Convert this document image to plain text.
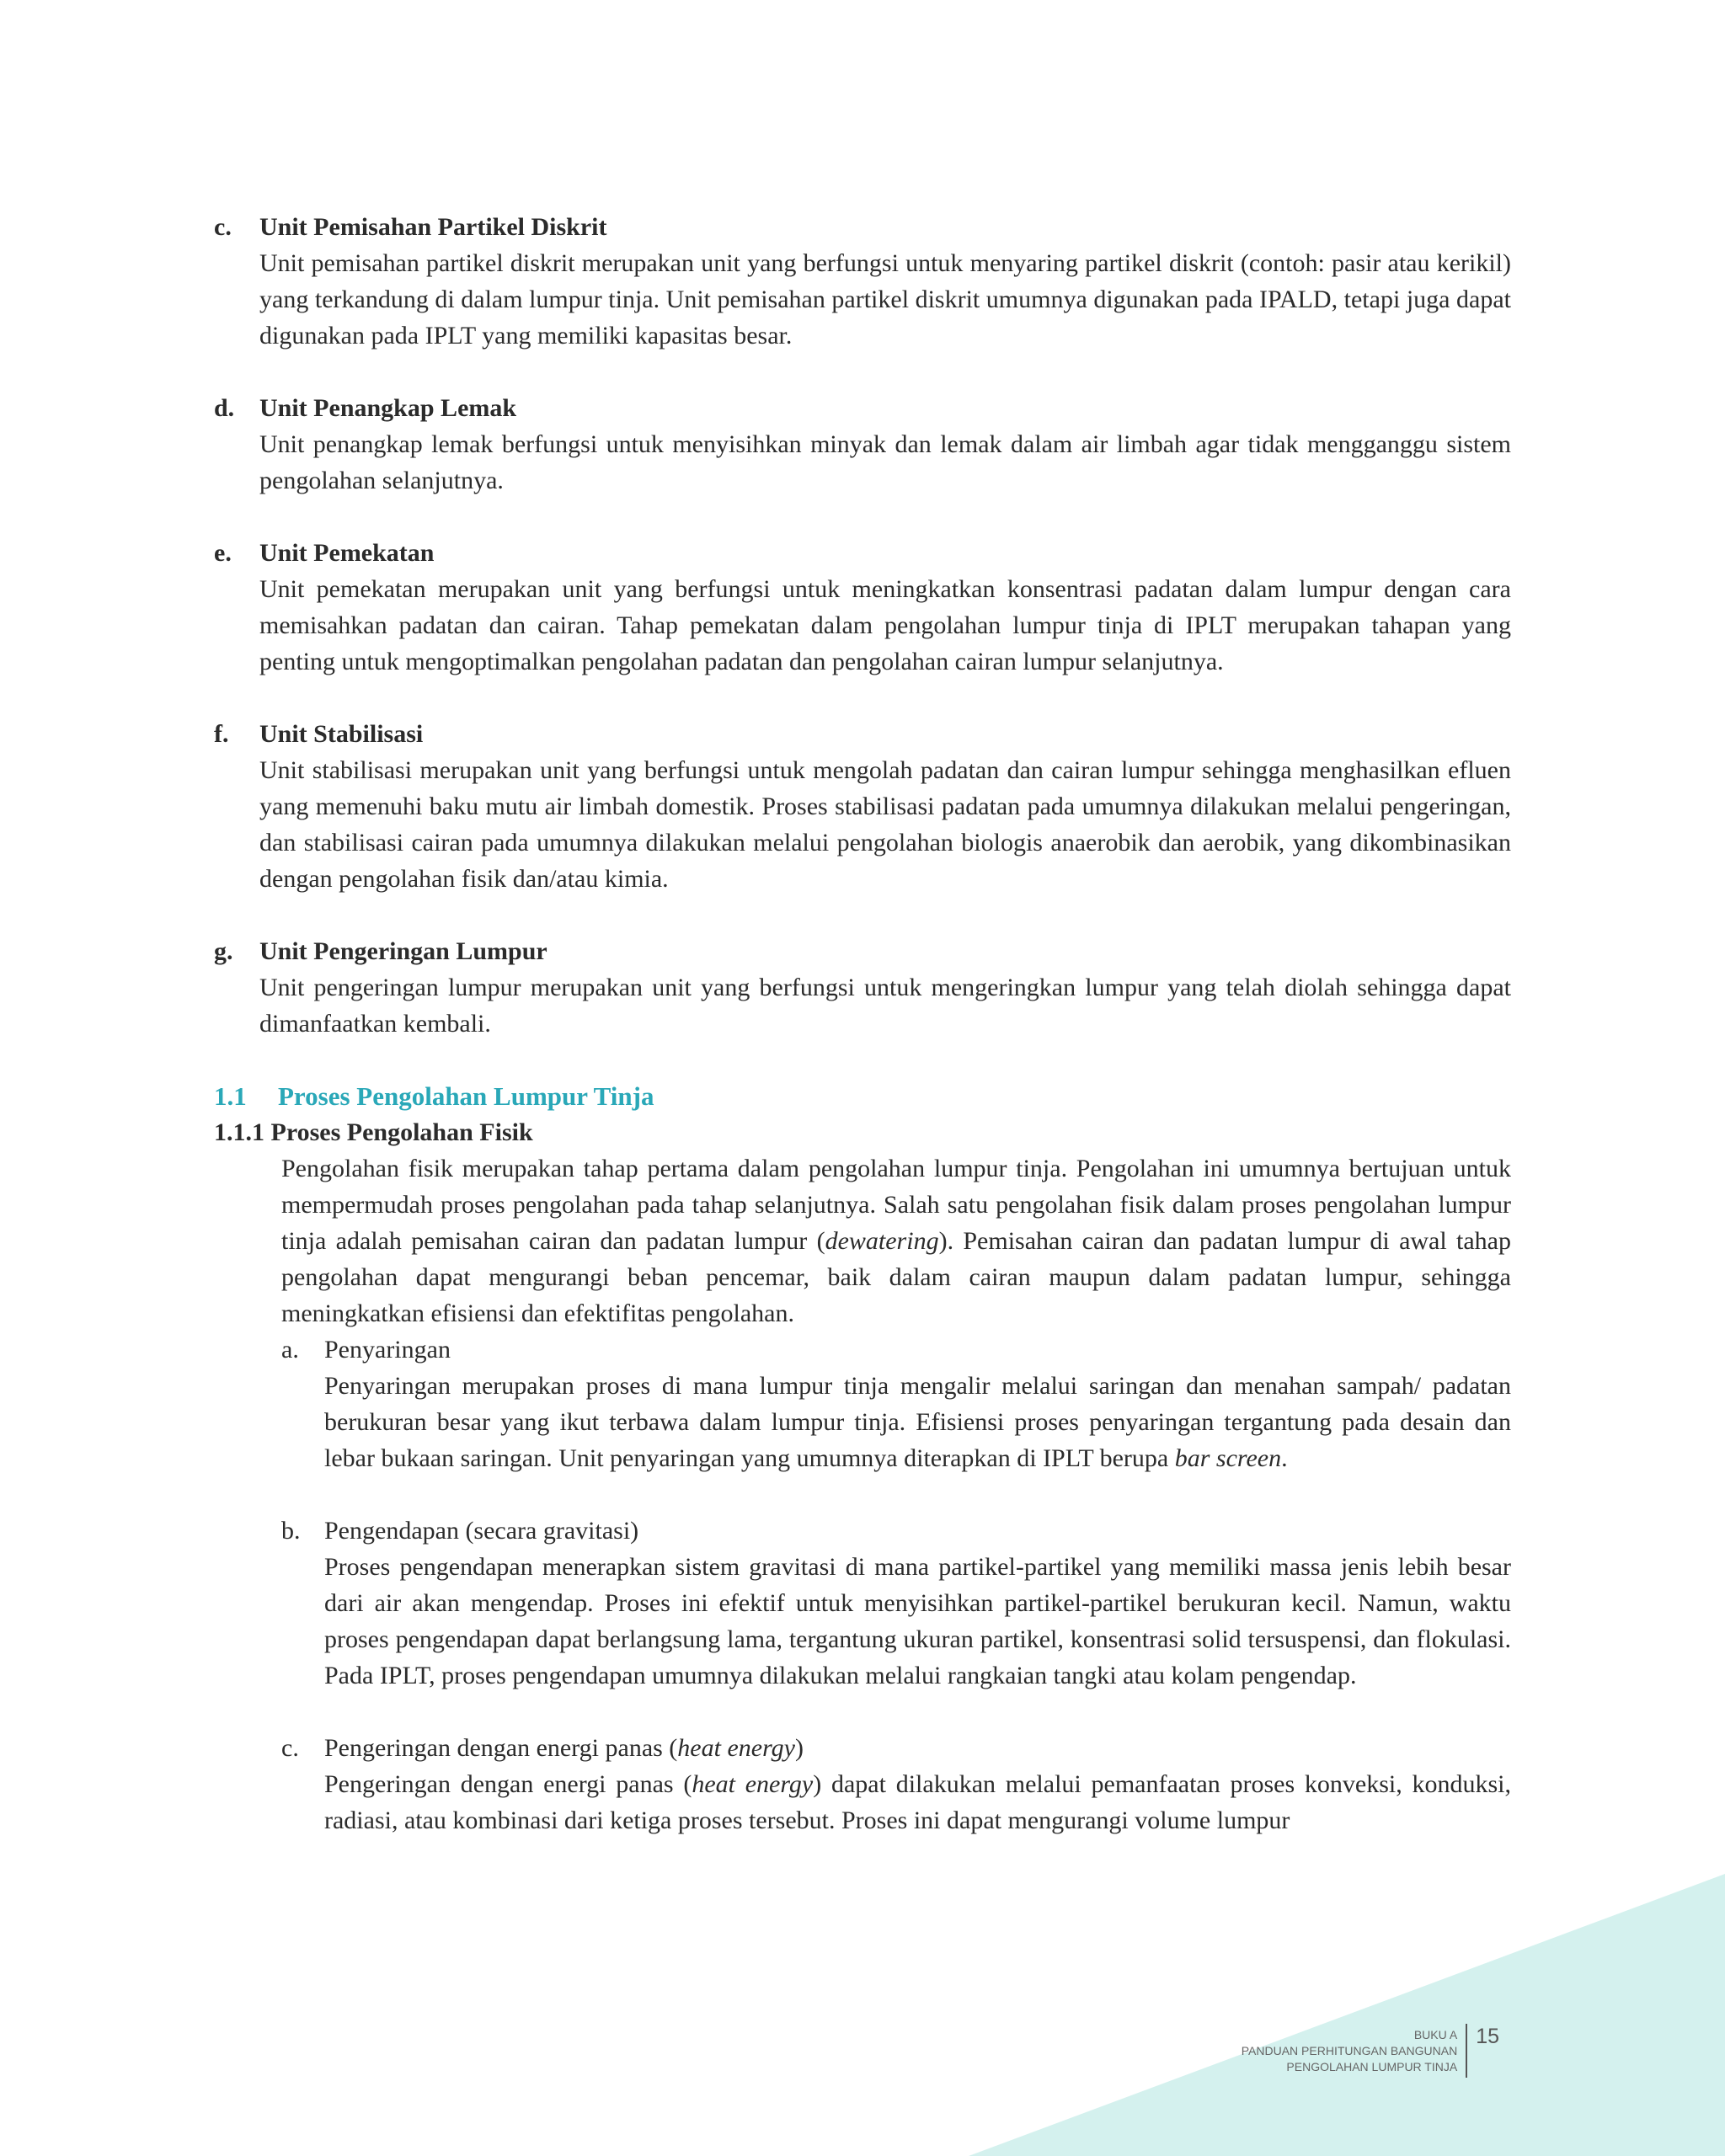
c. Unit Pemisahan Partikel Diskrit

Unit pemisahan partikel diskrit merupakan unit yang berfungsi untuk menyaring partikel diskrit (contoh: pasir atau kerikil) yang terkandung di dalam lumpur tinja. Unit pemisahan partikel diskrit umumnya digunakan pada IPALD, tetapi juga dapat digunakan pada IPLT yang memiliki kapasitas besar.

d. Unit Penangkap Lemak

Unit penangkap lemak berfungsi untuk menyisihkan minyak dan lemak dalam air limbah agar tidak mengganggu sistem pengolahan selanjutnya.

e. Unit Pemekatan

Unit pemekatan merupakan unit yang berfungsi untuk meningkatkan konsentrasi padatan dalam lumpur dengan cara memisahkan padatan dan cairan. Tahap pemekatan dalam pengolahan lumpur tinja di IPLT merupakan tahapan yang penting untuk mengoptimalkan pengolahan padatan dan pengolahan cairan lumpur selanjutnya.

f. Unit Stabilisasi

Unit stabilisasi merupakan unit yang berfungsi untuk mengolah padatan dan cairan lumpur sehingga menghasilkan efluen yang memenuhi baku mutu air limbah domestik. Proses stabilisasi padatan pada umumnya dilakukan melalui pengeringan, dan stabilisasi cairan pada umumnya dilakukan melalui pengolahan biologis anaerobik dan aerobik, yang dikombinasikan dengan pengolahan fisik dan/atau kimia.

g. Unit Pengeringan Lumpur

Unit pengeringan lumpur merupakan unit yang berfungsi untuk mengeringkan lumpur yang telah diolah sehingga dapat dimanfaatkan kembali.

1.1 Proses Pengolahan Lumpur Tinja
1.1.1 Proses Pengolahan Fisik

Pengolahan fisik merupakan tahap pertama dalam pengolahan lumpur tinja. Pengolahan ini umumnya bertujuan untuk mempermudah proses pengolahan pada tahap selanjutnya. Salah satu pengolahan fisik dalam proses pengolahan lumpur tinja adalah pemisahan cairan dan padatan lumpur (dewatering). Pemisahan cairan dan padatan lumpur di awal tahap pengolahan dapat mengurangi beban pencemar, baik dalam cairan maupun dalam padatan lumpur, sehingga meningkatkan efisiensi dan efektifitas pengolahan.

a. Penyaringan

Penyaringan merupakan proses di mana lumpur tinja mengalir melalui saringan dan menahan sampah/ padatan berukuran besar yang ikut terbawa dalam lumpur tinja. Efisiensi proses penyaringan tergantung pada desain dan lebar bukaan saringan. Unit penyaringan yang umumnya diterapkan di IPLT berupa bar screen.

b. Pengendapan (secara gravitasi)

Proses pengendapan menerapkan sistem gravitasi di mana partikel-partikel yang memiliki massa jenis lebih besar dari air akan mengendap. Proses ini efektif untuk menyisihkan partikel-partikel berukuran kecil. Namun, waktu proses pengendapan dapat berlangsung lama, tergantung ukuran partikel, konsentrasi solid tersuspensi, dan flokulasi. Pada IPLT, proses pengendapan umumnya dilakukan melalui rangkaian tangki atau kolam pengendap.

c. Pengeringan dengan energi panas (heat energy)

Pengeringan dengan energi panas (heat energy) dapat dilakukan melalui pemanfaatan proses konveksi, konduksi, radiasi, atau kombinasi dari ketiga proses tersebut. Proses ini dapat mengurangi volume lumpur

BUKU A
PANDUAN PERHITUNGAN BANGUNAN
PENGOLAHAN LUMPUR TINJA
15
